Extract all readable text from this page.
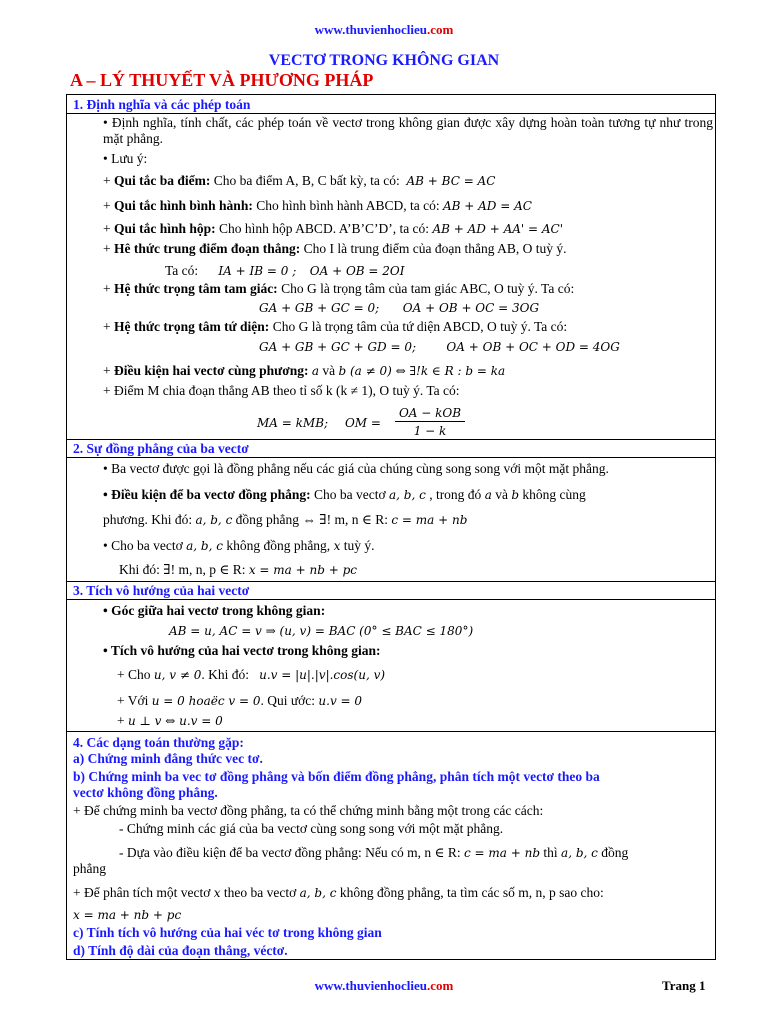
www.thuvienhoclieu.com
VECTƠ TRONG KHÔNG GIAN
A – LÝ THUYẾT VÀ PHƯƠNG PHÁP
1. Định nghĩa và các phép toán
• Định nghĩa, tính chất, các phép toán về vectơ trong không gian được xây dựng hoàn toàn tương tự như trong mặt phẳng.
• Lưu ý:
+ Qui tắc ba điểm: Cho ba điểm A, B, C bất kỳ, ta có: AB + BC = AC
+ Qui tắc hình bình hành: Cho hình bình hành ABCD, ta có: AB + AD = AC
+ Qui tắc hình hộp: Cho hình hộp ABCD. A’B’C’D’, ta có: AB + AD + AA' = AC'
+ Hê thức trung điểm đoạn thẳng: Cho I là trung điểm của đoạn thẳng AB, O tuỳ ý.
Ta có: IA + IB = 0 ; OA + OB = 2OI
+ Hệ thức trọng tâm tam giác: Cho G là trọng tâm của tam giác ABC, O tuỳ ý. Ta có:
GA + GB + GC = 0; OA + OB + OC = 3OG
+ Hệ thức trọng tâm tứ diện: Cho G là trọng tâm của tứ diện ABCD, O tuỳ ý. Ta có:
GA + GB + GC + GD = 0;	OA + OB + OC + OD = 4OG
+ Điều kiện hai vectơ cùng phương: a và b (a ≠ 0) ⇔ ∃!k ∈ R : b = ka
+ Điểm M chia đoạn thẳng AB theo tỉ số k (k ≠ 1), O tuỳ ý. Ta có:
MA = kMB; OM =
OA − kOB
1 − k
2. Sự đồng phẳng của ba vectơ
• Ba vectơ được gọi là đồng phẳng nếu các giá của chúng cùng song song với một mặt phẳng.
• Điều kiện để ba vectơ đồng phẳng: Cho ba vectơ a, b, c , trong đó a và b không cùng
phương. Khi đó: a, b, c đồng phẳng ⇔ ∃! m, n ∈ R: c = ma + nb
• Cho ba vectơ a, b, c không đồng phẳng, x tuỳ ý.
Khi đó: ∃! m, n, p ∈ R: x = ma + nb + pc
3. Tích vô hướng của hai vectơ
• Góc giữa hai vectơ trong không gian:
AB = u, AC = v ⇒ (u, v) = BAC (0° ≤ BAC ≤ 180°)
• Tích vô hướng của hai vectơ trong không gian:
+ Cho u, v ≠ 0. Khi đó:   u.v = |u|.|v|.cos(u, v)
+ Với u = 0 hoaëc v = 0. Qui ước: u.v = 0
+ u ⊥ v ⇔ u.v = 0
4. Các dạng toán thường gặp:
a) Chứng minh đẳng thức vec tơ.
b) Chứng minh ba vec tơ đồng phẳng và bốn điểm đồng phẳng, phân tích một vectơ theo ba
vectơ không đồng phẳng.
+ Để chứng minh ba vectơ đồng phẳng, ta có thể chứng minh bằng một trong các cách:
- Chứng minh các giá của ba vectơ cùng song song với một mặt phẳng.
- Dựa vào điều kiện để ba vectơ đồng phẳng: Nếu có m, n ∈ R: c = ma + nb thì a, b, c đồng
phẳng
+ Để phân tích một vectơ x theo ba vectơ a, b, c không đồng phẳng, ta tìm các số m, n, p sao cho:
x = ma + nb + pc
c) Tính tích vô hướng của hai véc tơ trong không gian
d) Tính độ dài của đoạn thẳng, véctơ.
www.thuvienhoclieu.com	Trang 1
